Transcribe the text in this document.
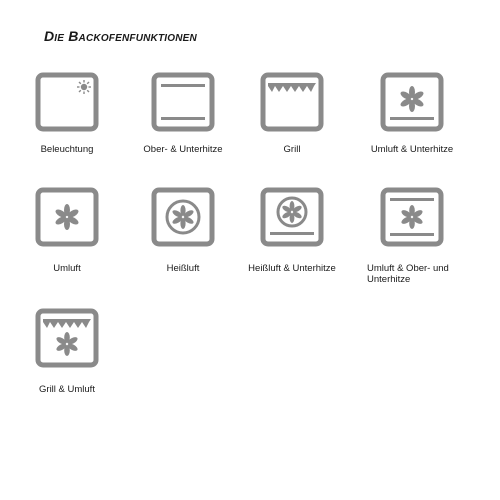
Die Backofenfunktionen
Beleuchtung	Ober- & Unterhitze	Grill	Umluft & Unterhitze
Umluft	Heißluft	Heißluft & Unterhitze	Umluft & Ober- und Unterhitze
Grill & Umluft
